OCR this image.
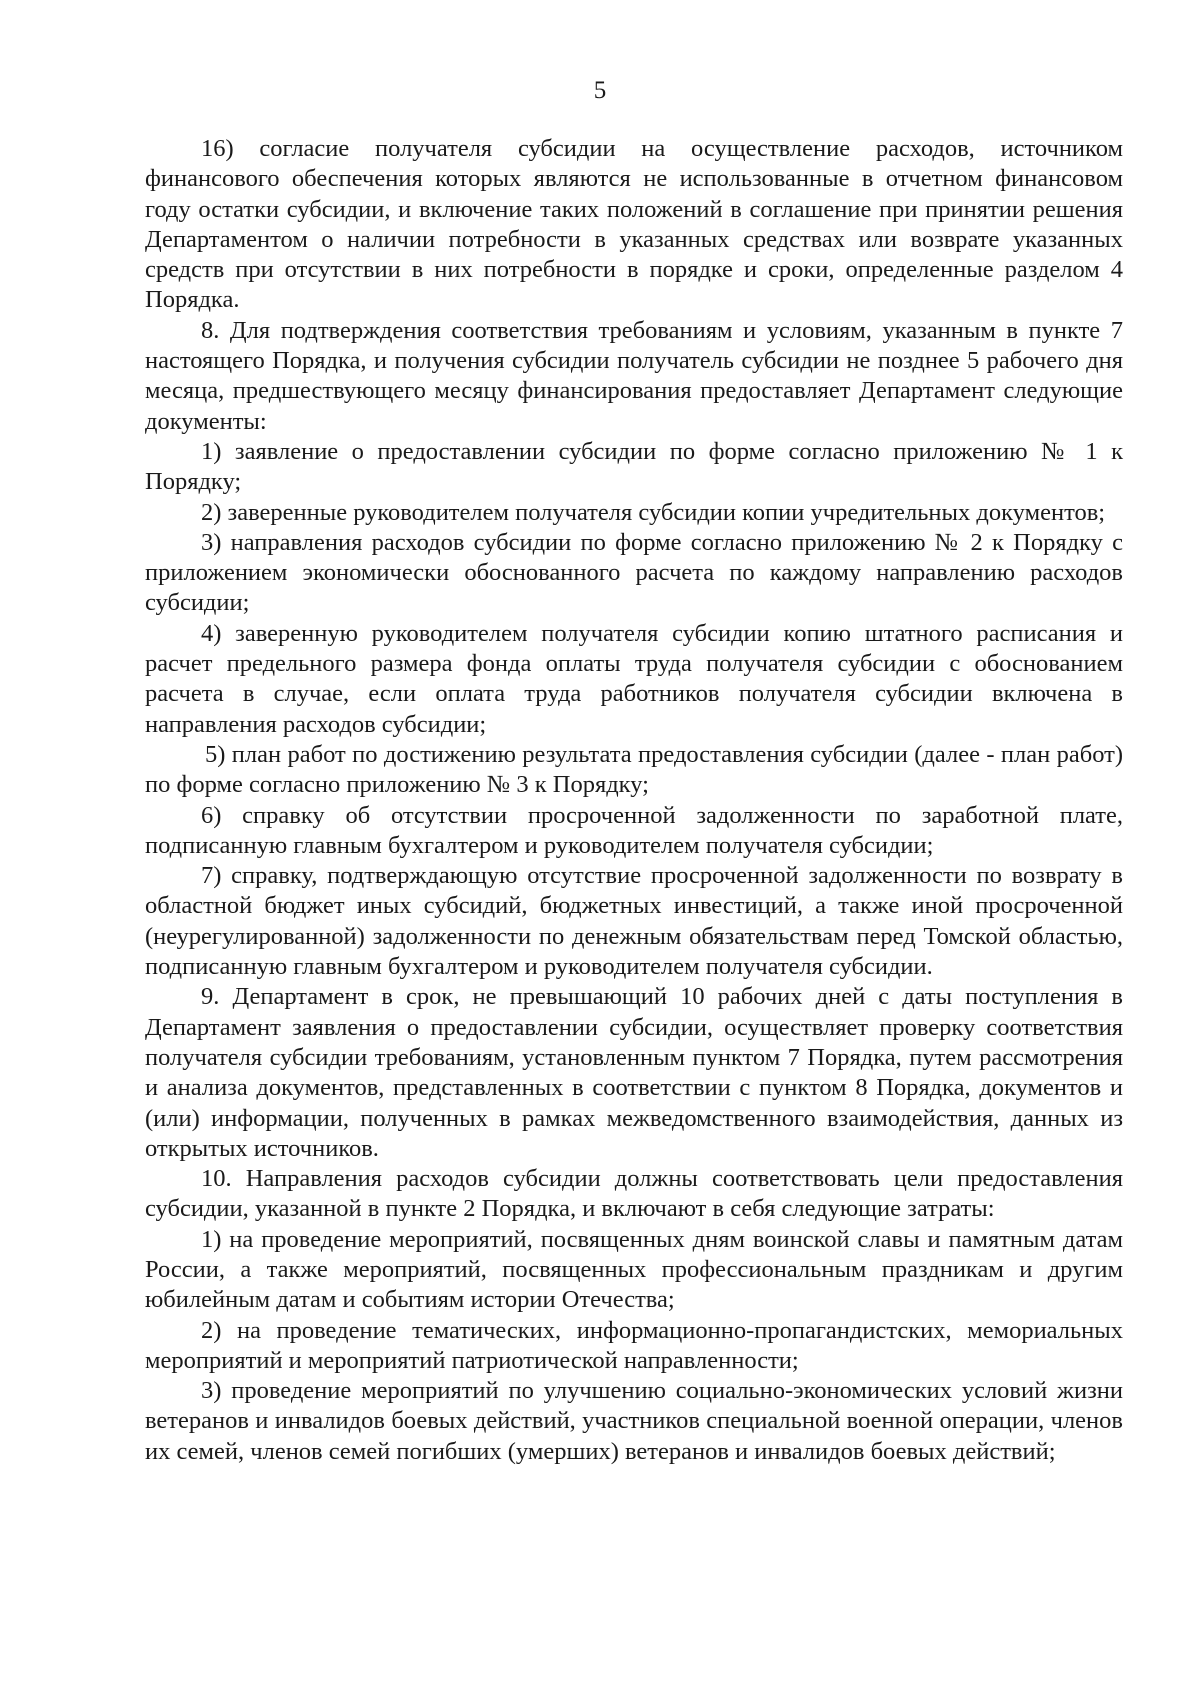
5

16) согласие получателя субсидии на осуществление расходов, источником финансового обеспечения которых являются не использованные в отчетном финансовом году остатки субсидии, и включение таких положений в соглашение при принятии решения Департаментом о наличии потребности в указанных средствах или возврате указанных средств при отсутствии в них потребности в порядке и сроки, определенные разделом 4 Порядка.

8. Для подтверждения соответствия требованиям и условиям, указанным в пункте 7 настоящего Порядка, и получения субсидии получатель субсидии не позднее 5 рабочего дня месяца, предшествующего месяцу финансирования предоставляет Департамент следующие документы:

1) заявление о предоставлении субсидии по форме согласно приложению № 1 к Порядку;

2) заверенные руководителем получателя субсидии копии учредительных документов;

3) направления расходов субсидии по форме согласно приложению № 2 к Порядку с приложением экономически обоснованного расчета по каждому направлению расходов субсидии;

4) заверенную руководителем получателя субсидии копию штатного расписания и расчет предельного размера фонда оплаты труда получателя субсидии с обоснованием расчета в случае, если оплата труда работников получателя субсидии включена в направления расходов субсидии;

5) план работ по достижению результата предоставления субсидии (далее - план работ) по форме согласно приложению № 3 к Порядку;

6) справку об отсутствии просроченной задолженности по заработной плате, подписанную главным бухгалтером и руководителем получателя субсидии;

7) справку, подтверждающую отсутствие просроченной задолженности по возврату в областной бюджет иных субсидий, бюджетных инвестиций, а также иной просроченной (неурегулированной) задолженности по денежным обязательствам перед Томской областью, подписанную главным бухгалтером и руководителем получателя субсидии.

9. Департамент в срок, не превышающий 10 рабочих дней с даты поступления в Департамент заявления о предоставлении субсидии, осуществляет проверку соответствия получателя субсидии требованиям, установленным пунктом 7 Порядка, путем рассмотрения и анализа документов, представленных в соответствии с пунктом 8 Порядка, документов и (или) информации, полученных в рамках межведомственного взаимодействия, данных из открытых источников.

10. Направления расходов субсидии должны соответствовать цели предоставления субсидии, указанной в пункте 2 Порядка, и включают в себя следующие затраты:

1) на проведение мероприятий, посвященных дням воинской славы и памятным датам России, а также мероприятий, посвященных профессиональным праздникам и другим юбилейным датам и событиям истории Отечества;

2) на проведение тематических, информационно-пропагандистских, мемориальных мероприятий и мероприятий патриотической направленности;

3) проведение мероприятий по улучшению социально-экономических условий жизни ветеранов и инвалидов боевых действий, участников специальной военной операции, членов их семей, членов семей погибших (умерших) ветеранов и инвалидов боевых действий;
